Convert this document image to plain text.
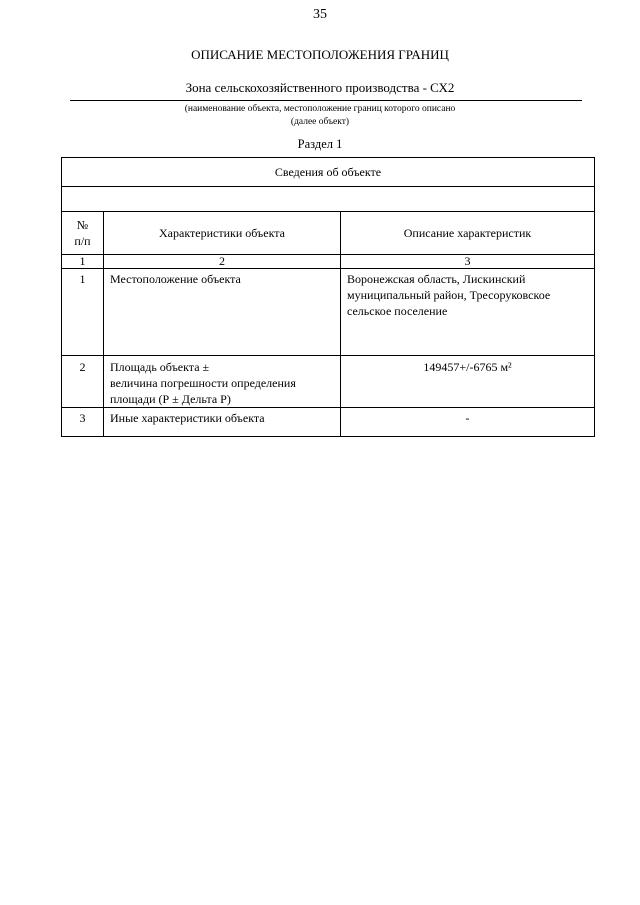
35
ОПИСАНИЕ МЕСТОПОЛОЖЕНИЯ ГРАНИЦ
Зона сельскохозяйственного производства - СХ2
(наименование объекта, местоположение границ которого описано
(далее объект)
Раздел 1
Сведения об объекте		

№
п/п	Характеристики объекта	Описание характеристик
1	2	3
1	Местоположение объекта	Воронежская область, Лискинский муниципальный район, Тресоруковское сельское поселение
2	Площадь объекта ±
величина погрешности определения площади (Р ± Дельта Р)	149457+/-6765 м²
3	Иные характеристики объекта	-
